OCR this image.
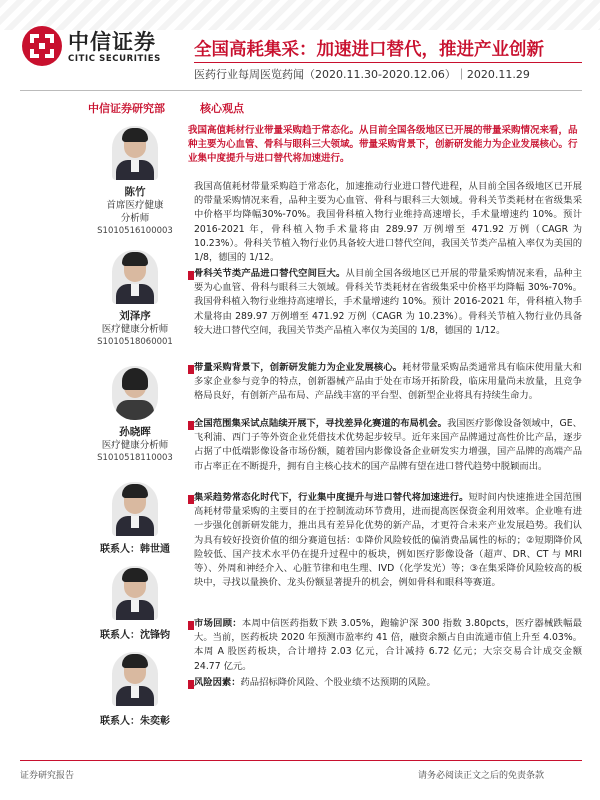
中信证券
CITIC SECURITIES 全国高耗集采：加速进口替代，推进产业创新
医药行业每周医览药闻（2020.11.30-2020.12.06）｜2020.11.29
中信证券研究部
陈竹
首席医疗健康
分析师
S1010516100003
刘泽序
医疗健康分析师
S1010518060001
孙晓晖
医疗健康分析师
S1010518110003
联系人：韩世通
联系人：沈锋钧
联系人：朱奕彰
核心观点
我国高值耗材行业带量采购趋于常态化。从目前全国各级地区已开展的带量采购情况来看，品种主要为心血管、骨科与眼科三大领域。带量采购背景下，创新研发能力为企业发展核心。行业集中度提升与进口替代将加速进行。
我国高值耗材带量采购趋于常态化，加速推动行业进口替代进程，从目前全国各级地区已开展的带量采购情况来看，品种主要为心血管、骨科与眼科三大领域。骨科关节类耗材在省级集采中价格平均降幅30%-70%。我国骨科植入物行业维持高速增长，手术量增速约 10%。预计 2016-2021 年，骨科植入物手术量将由 289.97 万例增至 471.92 万例（CAGR 为 10.23%）。骨科关节植入物行业仍具备较大进口替代空间，我国关节类产品植入率仅为美国的 1/8，德国的 1/12。
骨科关节类产品进口替代空间巨大。从目前全国各级地区已开展的带量采购情况来看，品种主要为心血管、骨科与眼科三大领域。骨科关节类耗材在省级集采中价格平均降幅 30%-70%。我国骨科植入物行业维持高速增长，手术量增速约 10%。预计 2016-2021 年，骨科植入物手术量将由 289.97 万例增至 471.92 万例（CAGR 为 10.23%）。骨科关节植入物行业仍具备较大进口替代空间，我国关节类产品植入率仅为美国的 1/8，德国的 1/12。
带量采购背景下，创新研发能力为企业发展核心。耗材带量采购品类通常具有临床使用量大和多家企业参与竞争的特点，创新器械产品由于处在市场开拓阶段，临床用量尚未放量，且竞争格局良好，有创新产品布局、产品线丰富的平台型、创新型企业将具有持续生命力。
全国范围集采试点陆续开展下，寻找差异化赛道的布局机会。我国医疗影像设备领域中，GE、飞利浦、西门子等外资企业凭借技术优势起步较早。近年来国产品牌通过高性价比产品，逐步占据了中低端影像设备市场份额，随着国内影像设备企业研发实力增强，国产品牌的高端产品市占率正在不断提升，拥有自主核心技术的国产品牌有望在进口替代趋势中脱颖而出。
集采趋势常态化时代下，行业集中度提升与进口替代将加速进行。短时间内快速推进全国范围高耗材带量采购的主要目的在于控制流动环节费用，进而提高医保资金利用效率。企业唯有进一步强化创新研发能力，推出具有差异化优势的新产品，才更符合未来产业发展趋势。我们认为具有较好投资价值的细分赛道包括：①降价风险较低的偏消费品属性的标的；②短期降价风险较低、国产技术水平仍在提升过程中的板块，例如医疗影像设备（超声、DR、CT 与 MRI 等）、外周和神经介入、心脏节律和电生理、IVD（化学发光）等；③在集采降价风险较高的板块中，寻找以量换价、龙头份额显著提升的机会，例如骨科和眼科等赛道。
市场回顾：本周中信医药指数下跌 3.05%，跑输沪深 300 指数 3.80pcts，医疗器械跌幅最大。当前，医药板块 2020 年预测市盈率约 41 倍，融资余额占自由流通市值上升至 4.03%。本周 A 股医药板块，合计增持 2.03 亿元，合计减持 6.72 亿元；大宗交易合计成交金额 24.77 亿元。
风险因素：药品招标降价风险、个股业绩不达预期的风险。
证券研究报告	请务必阅读正文之后的免责条款
